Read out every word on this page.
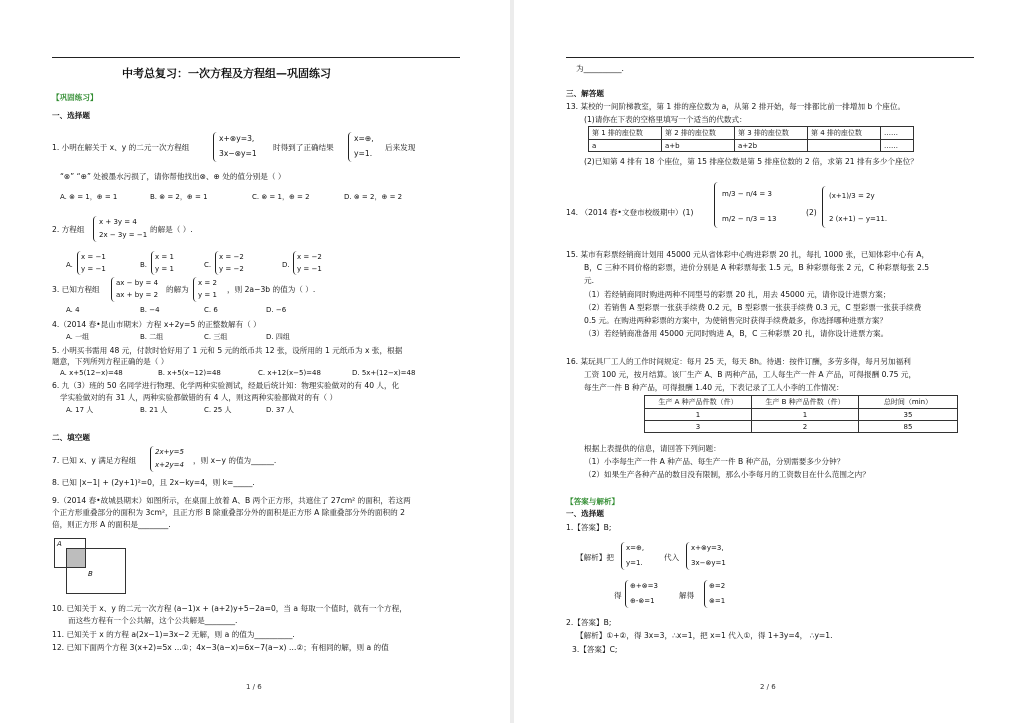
中考总复习：一次方程及方程组—巩固练习
【巩固练习】
一、选择题
1. 小明在解关于 x、y 的二元一次方程组
x+⊗y=3,
3x−⊗y=1
时得到了正确结果
x=⊕,
y=1.
后来发现
“⊗” “⊕” 处被墨水污损了，请你帮他找出⊗、⊕ 处的值分别是（ ）
A. ⊗ = 1，⊕ = 1	B. ⊗ = 2，⊕ = 1	C. ⊗ = 1，⊕ = 2	D. ⊗ = 2，⊕ = 2
2. 方程组
x + 3y = 4
2x − 3y = −1
的解是（ ）.
A.
x = −1
y = −1	B.
x = 1
y = 1	C.
x = −2
y = −2	D.
x = −2
y = −1
3. 已知方程组
ax − by = 4
ax + by = 2
的解为
x = 2
y = 1
，则 2a−3b 的值为（ ）.
A. 4	B. −4	C. 6	D. −6
4.（2014 春•昆山市期末）方程 x+2y=5 的正整数解有（ ）
A. 一组	B. 二组	C. 三组	D. 四组
5. 小明买书需用 48 元，付款时恰好用了 1 元和 5 元的纸币共 12 张，设所用的 1 元纸币为 x 张，根据
题意，下列所列方程正确的是（ ）
A. x+5(12−x)=48	B. x+5(x−12)=48	C. x+12(x−5)=48	D. 5x+(12−x)=48
6. 九（3）班的 50 名同学进行物理、化学两种实验测试，经最后统计知：物理实验做对的有 40 人，化
学实验做对的有 31 人，两种实验都做错的有 4 人，则这两种实验都做对的有（ ）
A. 17 人	B. 21 人	C. 25 人	D. 37 人
二、填空题
7. 已知 x、y 满足方程组
2x+y=5
x+2y=4 ，则 x−y 的值为______.
8. 已知 |x−1| + (2y+1)²=0，且 2x−ky=4，则 k=_____.
9.（2014 春•故城县期末）如图所示，在桌面上放着 A、B 两个正方形，共遮住了 27cm² 的面积，若这两
个正方形重叠部分的面积为 3cm²，且正方形 B 除重叠部分外的面积是正方形 A 除重叠部分外的面积的 2
倍，则正方形 A 的面积是________.
A
B
10. 已知关于 x、y 的二元一次方程 (a−1)x + (a+2)y+5−2a=0，当 a 每取一个值时，就有一个方程，
而这些方程有一个公共解，这个公共解是________.
11. 已知关于 x 的方程 a(2x−1)=3x−2 无解，则 a 的值为__________.
12. 已知下面两个方程 3(x+2)=5x …①；4x−3(a−x)=6x−7(a−x) …②；有相同的解，则 a 的值
1 / 6
为__________.
三、解答题
13. 某校的一间阶梯教室，第 1 排的座位数为 a，从第 2 排开始，每一排都比前一排增加 b 个座位。
(1)请你在下表的空格里填写一个适当的代数式：
第 1 排的座位数	第 2 排的座位数	第 3 排的座位数	第 4 排的座位数	……
a	a+b	a+2b		……
(2)已知第 4 排有 18 个座位，第 15 排座位数是第 5 排座位数的 2 倍，求第 21 排有多少个座位？
14. （2014 春•文登市校级期中）(1)
m/3 − n/4 = 3
m/2 − n/3 = 13
(2)
(x+1)/3 = 2y
2 (x+1) − y=11.
15. 某市有彩票经销商计划用 45000 元从省体彩中心购进彩票 20 扎，每扎 1000 张，已知体彩中心有 A，
B，C 三种不同价格的彩票，进价分别是 A 种彩票每张 1.5 元，B 种彩票每张 2 元，C 种彩票每张 2.5
元.
（1）若经销商同时购进两种不同型号的彩票 20 扎，用去 45000 元，请你设计进票方案；
（2）若销售 A 型彩票一张获手续费 0.2 元，B 型彩票一张获手续费 0.3 元，C 型彩票一张获手续费
0.5 元。在购进两种彩票的方案中，为使销售完时获得手续费最多，你选择哪种进票方案？
（3）若经销商准备用 45000 元同时购进 A，B，C 三种彩票 20 扎，请你设计进票方案。
16. 某玩具厂工人的工作时间规定：每月 25 天，每天 8h。待遇：按件订酬，多劳多得，每月另加福利
工资 100 元，按月结算。该厂生产 A、B 两种产品，工人每生产一件 A 产品，可得报酬 0.75 元，
每生产一件 B 种产品，可得报酬 1.40 元，下表记录了工人小李的工作情况：
生产 A 种产品件数（件）	生产 B 种产品件数（件）	总时间（min）
1	1	35
3	2	85
根据上表提供的信息，请回答下列问题：
（1）小李每生产一件 A 种产品、每生产一件 B 种产品，分别需要多少分钟？
（2）如果生产各种产品的数目没有限制，那么小李每月的工资数目在什么范围之内？
【答案与解析】
一、选择题
1.【答案】B;
【解析】把
x=⊕,
y=1.
代入
x+⊗y=3,
3x−⊗y=1
得
⊕+⊗=3
⊕-⊗=1
解得
⊕=2
⊗=1
2.【答案】B;
【解析】①+②，得 3x=3，∴x=1，把 x=1 代入①，得 1+3y=4， ∴y=1.
3.【答案】C;
2 / 6
